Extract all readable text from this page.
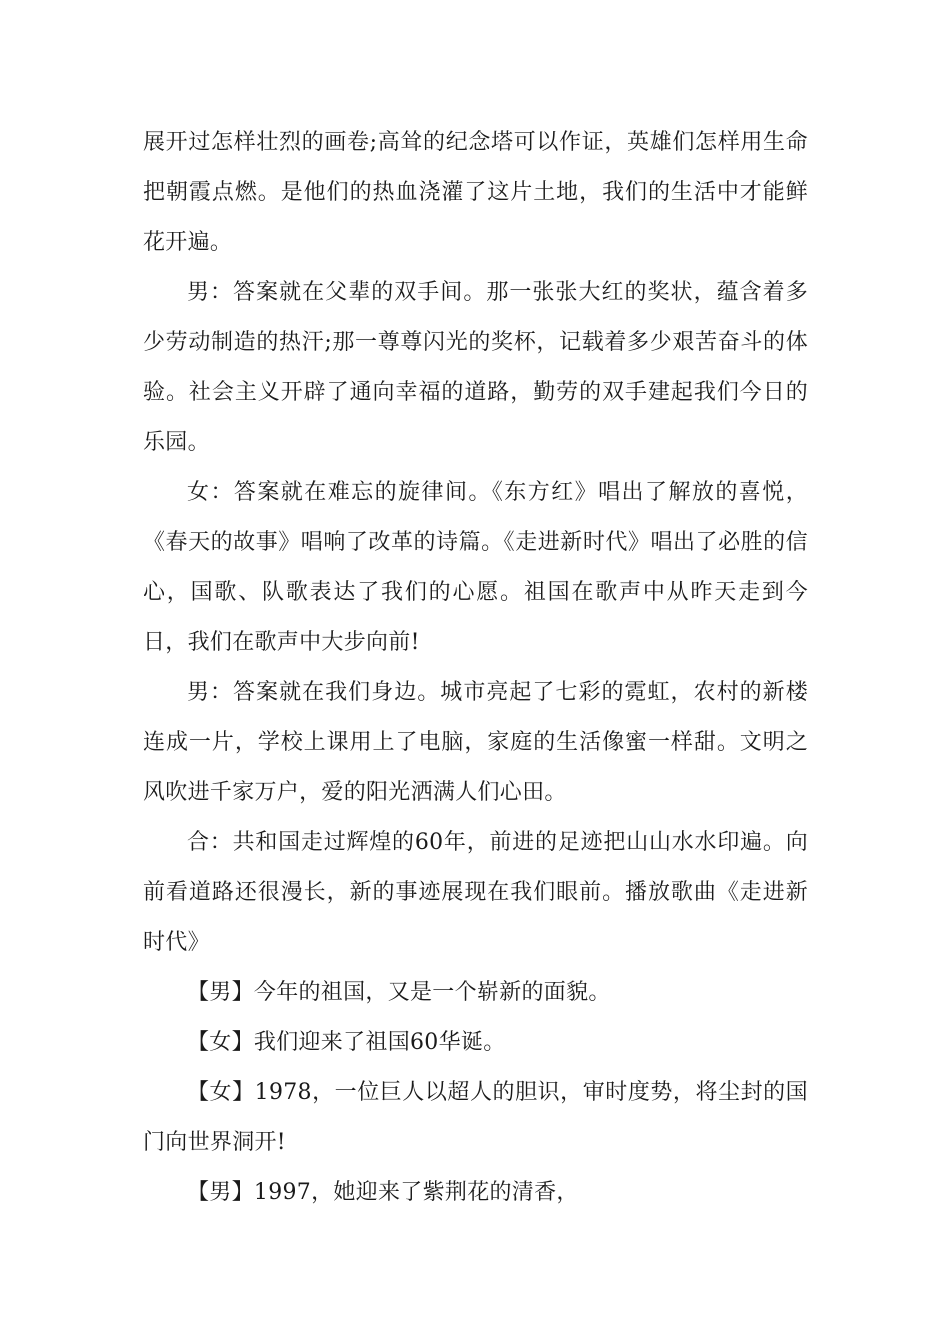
展开过怎样壮烈的画卷;高耸的纪念塔可以作证，英雄们怎样用生命把朝霞点燃。是他们的热血浇灌了这片土地，我们的生活中才能鲜花开遍。

男：答案就在父辈的双手间。那一张张大红的奖状，蕴含着多少劳动制造的热汗;那一尊尊闪光的奖杯，记载着多少艰苦奋斗的体验。社会主义开辟了通向幸福的道路，勤劳的双手建起我们今日的乐园。

女：答案就在难忘的旋律间。《东方红》唱出了解放的喜悦，《春天的故事》唱响了改革的诗篇。《走进新时代》唱出了必胜的信心，国歌、队歌表达了我们的心愿。祖国在歌声中从昨天走到今日，我们在歌声中大步向前!

男：答案就在我们身边。城市亮起了七彩的霓虹，农村的新楼连成一片，学校上课用上了电脑，家庭的生活像蜜一样甜。文明之风吹进千家万户，爱的阳光洒满人们心田。

合：共和国走过辉煌的60年，前进的足迹把山山水水印遍。向前看道路还很漫长，新的事迹展现在我们眼前。播放歌曲《走进新时代》

【男】今年的祖国，又是一个崭新的面貌。

【女】我们迎来了祖国60华诞。

【女】1978，一位巨人以超人的胆识，审时度势，将尘封的国门向世界洞开!

【男】1997，她迎来了紫荆花的清香，
